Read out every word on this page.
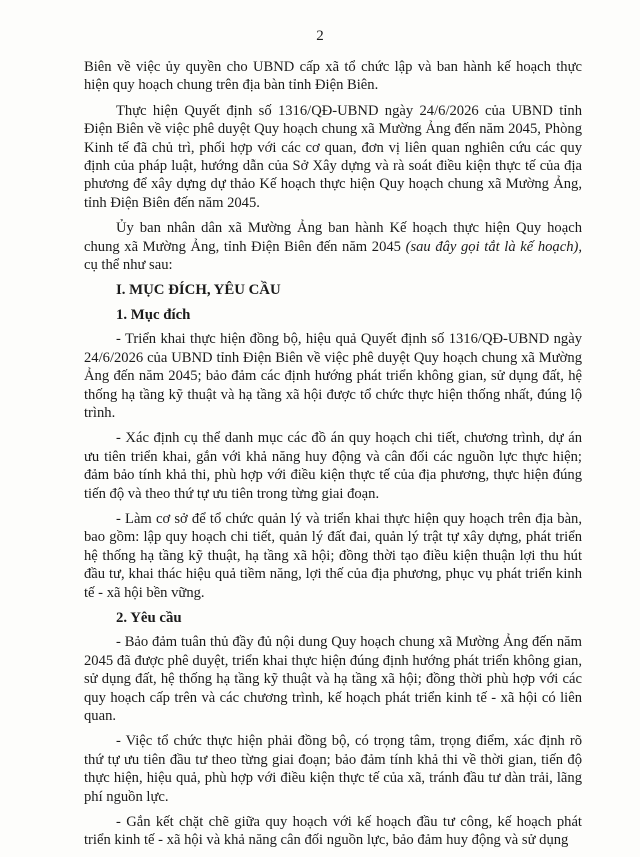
2

Biên về việc ủy quyền cho UBND cấp xã tổ chức lập và ban hành kế hoạch thực hiện quy hoạch chung trên địa bàn tỉnh Điện Biên.

Thực hiện Quyết định số 1316/QĐ-UBND ngày 24/6/2026 của UBND tỉnh Điện Biên về việc phê duyệt Quy hoạch chung xã Mường Ảng đến năm 2045, Phòng Kinh tế đã chủ trì, phối hợp với các cơ quan, đơn vị liên quan nghiên cứu các quy định của pháp luật, hướng dẫn của Sở Xây dựng và rà soát điều kiện thực tế của địa phương để xây dựng dự thảo Kế hoạch thực hiện Quy hoạch chung xã Mường Ảng, tỉnh Điện Biên đến năm 2045.

Ủy ban nhân dân xã Mường Ảng ban hành Kế hoạch thực hiện Quy hoạch chung xã Mường Ảng, tỉnh Điện Biên đến năm 2045 (sau đây gọi tắt là kế hoạch), cụ thể như sau:

I. MỤC ĐÍCH, YÊU CẦU

1. Mục đích

- Triển khai thực hiện đồng bộ, hiệu quả Quyết định số 1316/QĐ-UBND ngày 24/6/2026 của UBND tỉnh Điện Biên về việc phê duyệt Quy hoạch chung xã Mường Ảng đến năm 2045; bảo đảm các định hướng phát triển không gian, sử dụng đất, hệ thống hạ tầng kỹ thuật và hạ tầng xã hội được tổ chức thực hiện thống nhất, đúng lộ trình.

- Xác định cụ thể danh mục các đồ án quy hoạch chi tiết, chương trình, dự án ưu tiên triển khai, gắn với khả năng huy động và cân đối các nguồn lực thực hiện; đảm bảo tính khả thi, phù hợp với điều kiện thực tế của địa phương, thực hiện đúng tiến độ và theo thứ tự ưu tiên trong từng giai đoạn.

- Làm cơ sở để tổ chức quản lý và triển khai thực hiện quy hoạch trên địa bàn, bao gồm: lập quy hoạch chi tiết, quản lý đất đai, quản lý trật tự xây dựng, phát triển hệ thống hạ tầng kỹ thuật, hạ tầng xã hội; đồng thời tạo điều kiện thuận lợi thu hút đầu tư, khai thác hiệu quả tiềm năng, lợi thế của địa phương, phục vụ phát triển kinh tế - xã hội bền vững.

2. Yêu cầu

- Bảo đảm tuân thủ đầy đủ nội dung Quy hoạch chung xã Mường Ảng đến năm 2045 đã được phê duyệt, triển khai thực hiện đúng định hướng phát triển không gian, sử dụng đất, hệ thống hạ tầng kỹ thuật và hạ tầng xã hội; đồng thời phù hợp với các quy hoạch cấp trên và các chương trình, kế hoạch phát triển kinh tế - xã hội có liên quan.

- Việc tổ chức thực hiện phải đồng bộ, có trọng tâm, trọng điểm, xác định rõ thứ tự ưu tiên đầu tư theo từng giai đoạn; bảo đảm tính khả thi về thời gian, tiến độ thực hiện, hiệu quả, phù hợp với điều kiện thực tế của xã, tránh đầu tư dàn trải, lãng phí nguồn lực.

- Gắn kết chặt chẽ giữa quy hoạch với kế hoạch đầu tư công, kế hoạch phát triển kinh tế - xã hội và khả năng cân đối nguồn lực, bảo đảm huy động và sử dụng
